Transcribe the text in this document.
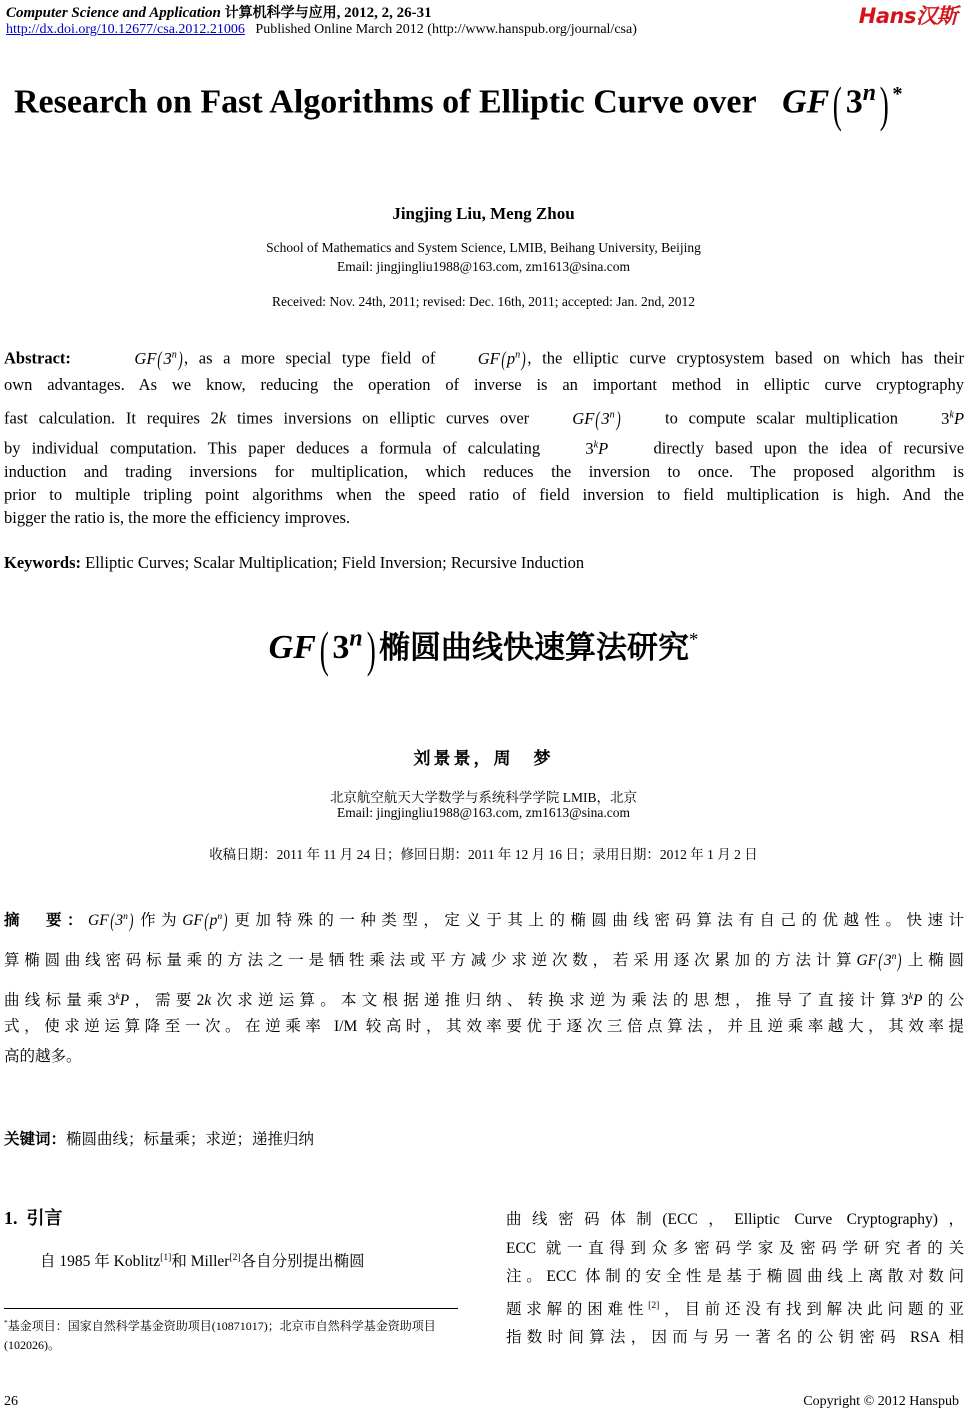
Computer Science and Application 计算机科学与应用, 2012, 2, 26-31
http://dx.doi.org/10.12677/csa.2012.21006 Published Online March 2012 (http://www.hanspub.org/journal/csa)
Hans汉斯
Research on Fast Algorithms of Elliptic Curve over GF( 3$^n$) *
Jingjing Liu, Meng Zhou
School of Mathematics and System Science, LMIB, Beihang University, Beijing
Email: jingjingliu1988@163.com, zm1613@sina.com
Received: Nov. 24th, 2011; revised: Dec. 16th, 2011; accepted: Jan. 2nd, 2012
Abstract:	GF(3$^n$), as a more special type field of	$GF(p^n)$, the elliptic curve cryptosystem based on which has their
own advantages. As we know, reducing the operation of inverse is an important method in elliptic curve cryptography
fast calculation. It requires 2k times inversions on elliptic curves over	GF(3$^n$)	to compute scalar multiplication	3$^k$P
by individual computation. This paper deduces a formula of calculating	3$^k$P	directly based upon the idea of recursive
induction and trading inversions for multiplication, which reduces the inversion to once. The proposed algorithm is
prior to multiple tripling point algorithms when the speed ratio of field inversion to field multiplication is high. And the
bigger the ratio is, the more the efficiency improves.
Keywords: Elliptic Curves; Scalar Multiplication; Field Inversion; Recursive Induction
GF( 3$^n$) 椭圆曲线快速算法研究*
刘景景，周　梦
北京航空航天大学数学与系统科学学院 LMIB，北京
Email: jingjingliu1988@163.com, zm1613@sina.com
收稿日期：2011 年 11 月 24 日；修回日期：2011 年 12 月 16 日；录用日期：2012 年 1 月 2 日
摘　要：GF(3$^n$)作为$GF(p^n)$更加特殊的一种类型，定义于其上的椭圆曲线密码算法有自己的优越性。快速计
算椭圆曲线密码标量乘的方法之一是牺牲乘法或平方减少求逆次数，若采用逐次累加的方法计算GF(3$^n$)上椭圆
曲线标量乘3$^k$P，需要2k次求逆运算。本文根据递推归纳、转换求逆为乘法的思想，推导了直接计算3$^k$P的公
式，使求逆运算降至一次。在逆乘率 I/M 较高时，其效率要优于逐次三倍点算法，并且逆乘率越大，其效率提
高的越多。
关键词：椭圆曲线；标量乘；求逆；递推归纳
1. 引言
自 1985 年 Koblitz[1]和 Miller[2]各自分别提出椭圆
*基金项目：国家自然科学基金资助项目(10871017)；北京市自然科学基金资助项目(102026)。
曲线密码体制(ECC，Elliptic Curve Cryptography)，
ECC 就一直得到众多密码学家及密码学研究者的关
注。ECC 体制的安全性是基于椭圆曲线上离散对数问
题求解的困难性[2]，目前还没有找到解决此问题的亚
指数时间算法，因而与另一著名的公钥密码 RSA 相
26	Copyright © 2012 Hanspub
